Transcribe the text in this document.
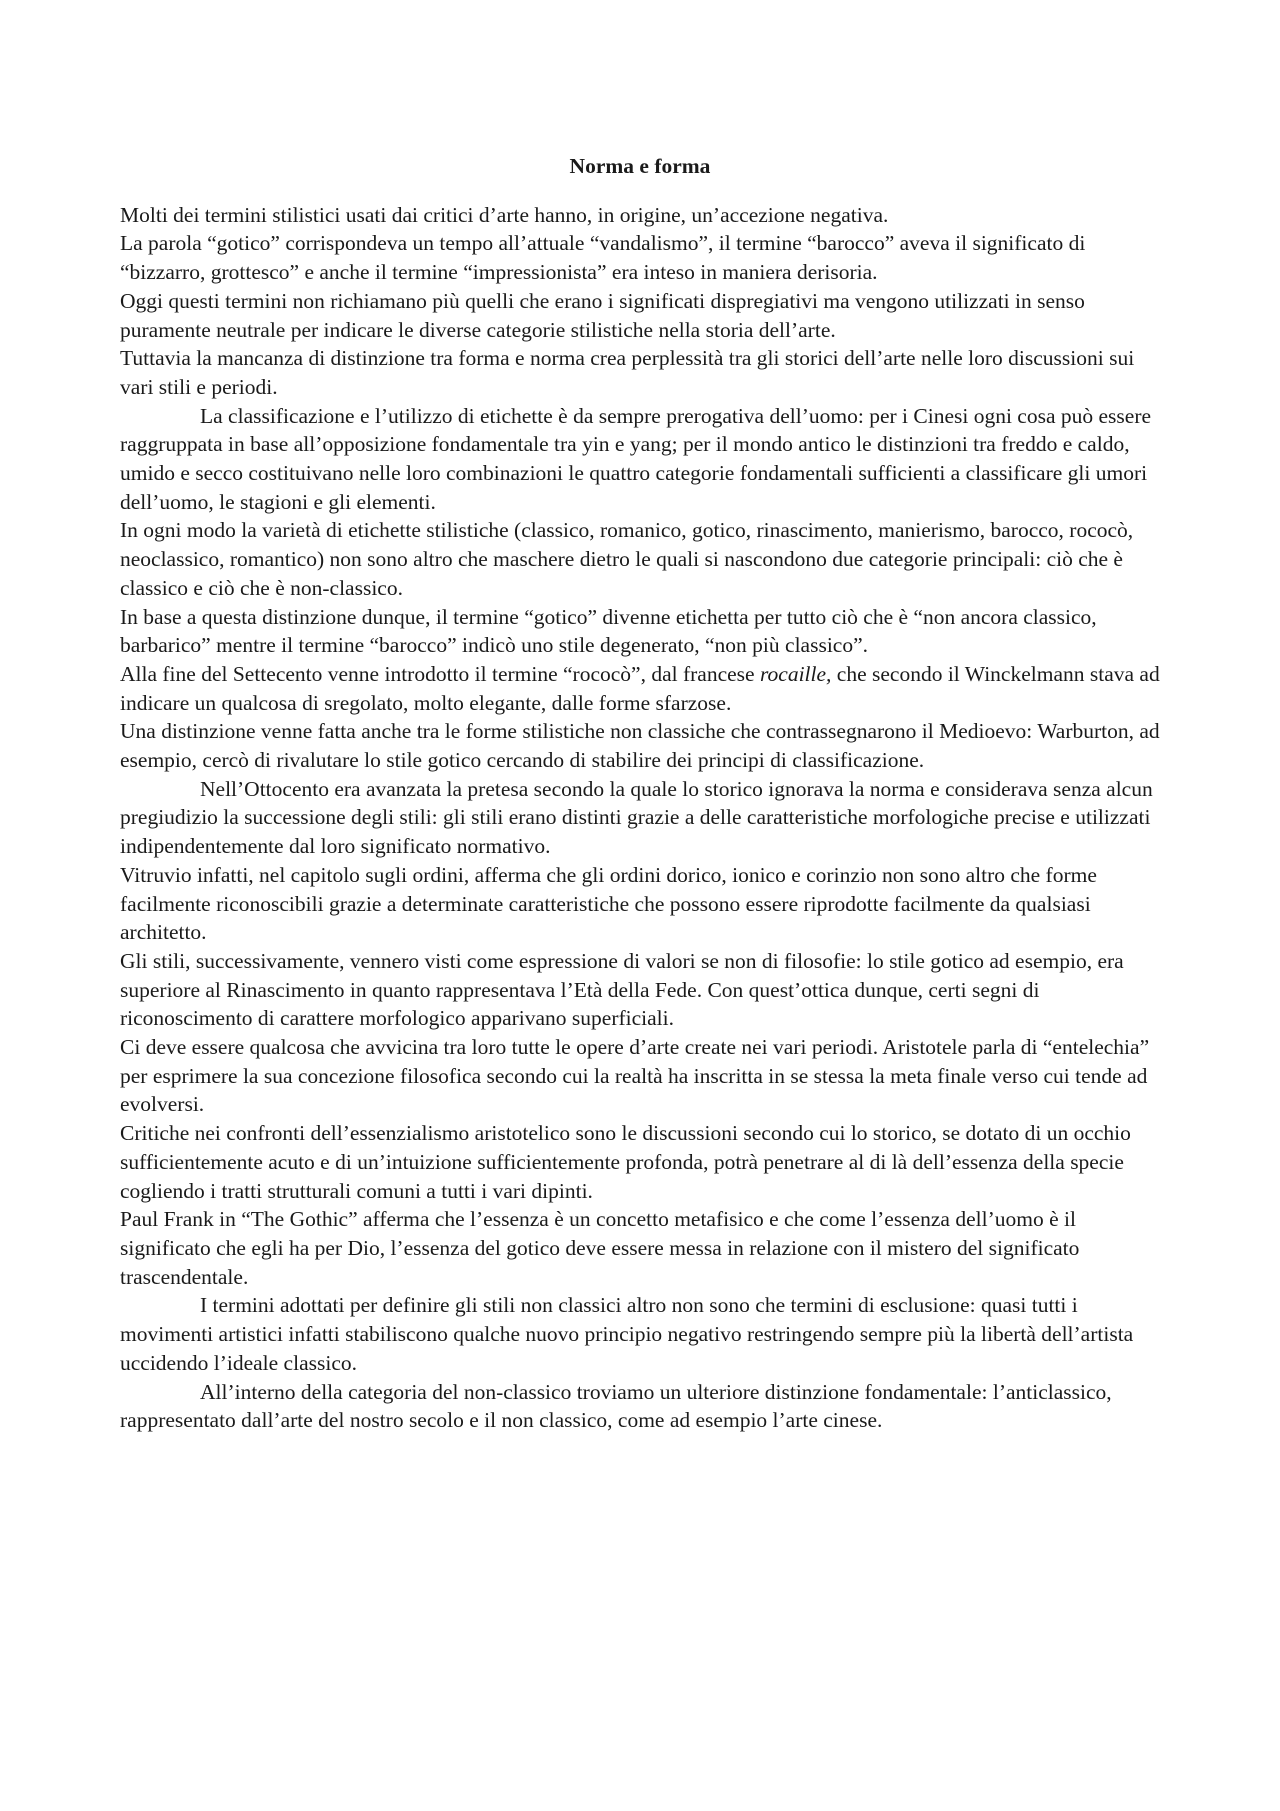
Norma e forma

Molti dei termini stilistici usati dai critici d’arte hanno, in origine, un’accezione negativa.

La parola “gotico” corrispondeva un tempo all’attuale “vandalismo”, il termine “barocco” aveva il significato di “bizzarro, grottesco” e anche il termine “impressionista” era inteso in maniera derisoria.

Oggi questi termini non richiamano più quelli che erano i significati dispregiativi ma vengono utilizzati in senso puramente neutrale per indicare le diverse categorie stilistiche nella storia dell’arte.

Tuttavia la mancanza di distinzione tra forma e norma crea perplessità tra gli storici dell’arte nelle loro discussioni sui vari stili e periodi.

La classificazione e l’utilizzo di etichette è da sempre prerogativa dell’uomo: per i Cinesi ogni cosa può essere raggruppata in base all’opposizione fondamentale tra yin e yang; per il mondo antico le distinzioni tra freddo e caldo, umido e secco costituivano nelle loro combinazioni le quattro categorie fondamentali sufficienti a classificare gli umori dell’uomo, le stagioni e gli elementi.

In ogni modo la varietà di etichette stilistiche (classico, romanico, gotico, rinascimento, manierismo, barocco, rococò, neoclassico, romantico) non sono altro che maschere dietro le quali si nascondono due categorie principali: ciò che è classico e ciò che è non-classico.

In base a questa distinzione dunque, il termine “gotico” divenne etichetta per tutto ciò che è “non ancora classico, barbarico” mentre il termine “barocco” indicò uno stile degenerato, “non più classico”.

Alla fine del Settecento venne introdotto il termine “rococò”, dal francese rocaille, che secondo il Winckelmann stava ad indicare un qualcosa di sregolato, molto elegante, dalle forme sfarzose.

Una distinzione venne fatta anche tra le forme stilistiche non classiche che contrassegnarono il Medioevo: Warburton, ad esempio, cercò di rivalutare lo stile gotico cercando di stabilire dei principi di classificazione.

Nell’Ottocento era avanzata la pretesa secondo la quale lo storico ignorava la norma e considerava senza alcun pregiudizio la successione degli stili: gli stili erano distinti grazie a delle caratteristiche morfologiche precise e utilizzati indipendentemente dal loro significato normativo.

Vitruvio infatti, nel capitolo sugli ordini, afferma che gli ordini dorico, ionico e corinzio non sono altro che forme facilmente riconoscibili grazie a determinate caratteristiche che possono essere riprodotte facilmente da qualsiasi architetto.

Gli stili, successivamente, vennero visti come espressione di valori se non di filosofie: lo stile gotico ad esempio, era superiore al Rinascimento in quanto rappresentava l’Età della Fede. Con quest’ottica dunque, certi segni di riconoscimento di carattere morfologico apparivano superficiali.

Ci deve essere qualcosa che avvicina tra loro tutte le opere d’arte create nei vari periodi. Aristotele parla di “entelechia” per esprimere la sua concezione filosofica secondo cui la realtà ha inscritta in se stessa la meta finale verso cui tende ad evolversi.

Critiche nei confronti dell’essenzialismo aristotelico sono le discussioni secondo cui lo storico, se dotato di un occhio sufficientemente acuto e di un’intuizione sufficientemente profonda, potrà penetrare al di là dell’essenza della specie cogliendo i tratti strutturali comuni a tutti i vari dipinti.

Paul Frank in “The Gothic” afferma che l’essenza è un concetto metafisico e che come l’essenza dell’uomo è il significato che egli ha per Dio, l’essenza del gotico deve essere messa in relazione con il mistero del significato trascendentale.

I termini adottati per definire gli stili non classici altro non sono che termini di esclusione: quasi tutti i movimenti artistici infatti stabiliscono qualche nuovo principio negativo restringendo sempre più la libertà dell’artista uccidendo l’ideale classico.

All’interno della categoria del non-classico troviamo un ulteriore distinzione fondamentale: l’anticlassico, rappresentato dall’arte del nostro secolo e il non classico, come ad esempio l’arte cinese.
